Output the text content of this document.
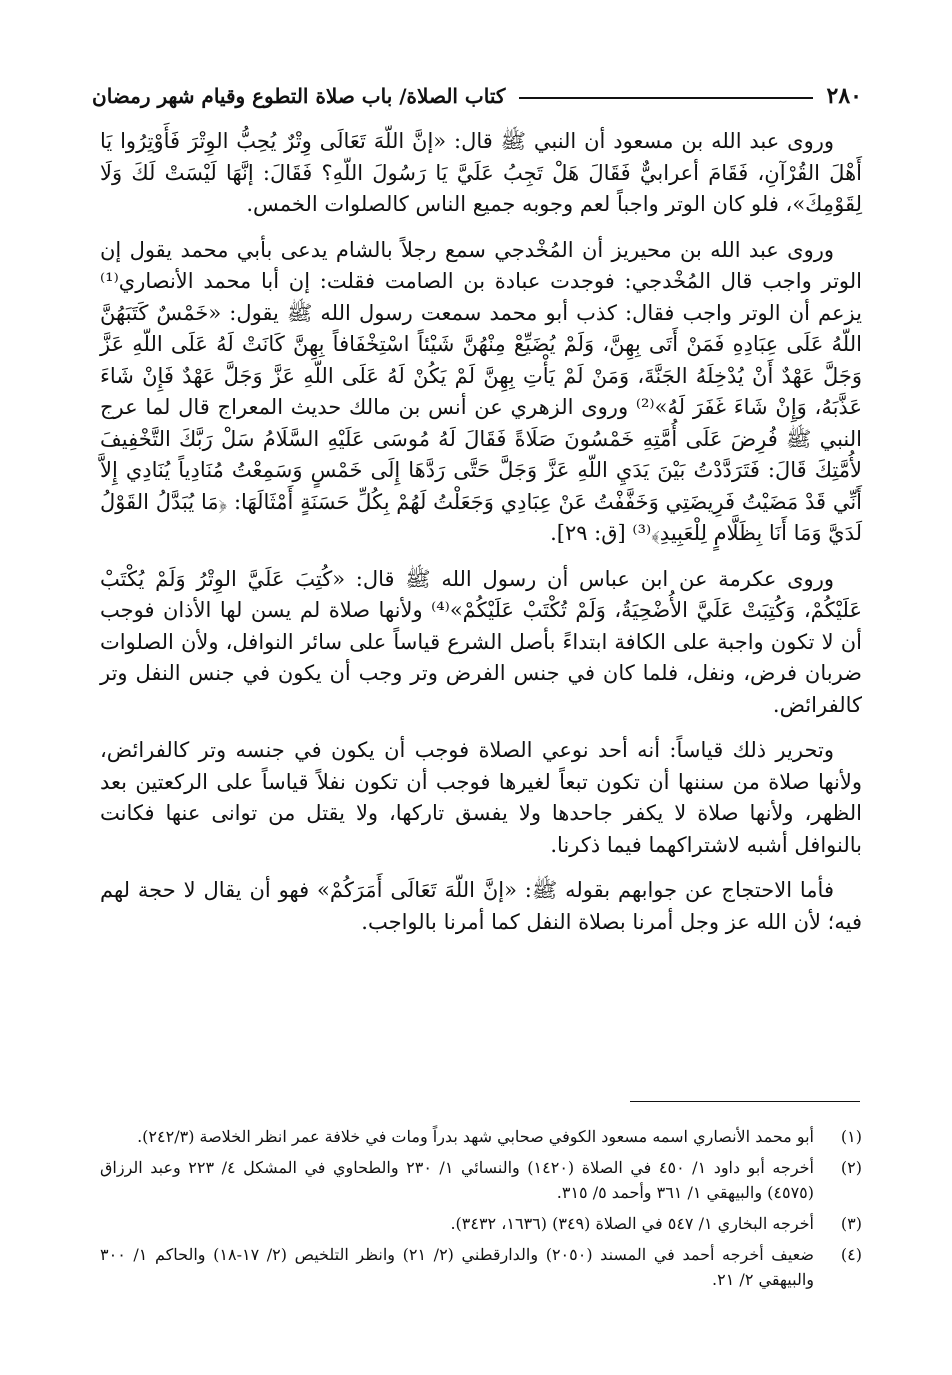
٢٨٠
كتاب الصلاة/ باب صلاة التطوع وقيام شهر رمضان

وروى عبد الله بن مسعود أن النبي ﷺ قال: «إنَّ اللّهَ تَعَالَى وِتْرٌ يُحِبُّ الوِتْرَ فَأَوْتِرُوا يَا أَهْلَ القُرْآنِ، فَقَامَ أعرابيٌّ فَقَالَ هَلْ تَجِبُ عَلَيَّ يَا رَسُولَ اللّهِ؟ فَقَالَ: إنَّهَا لَيْسَتْ لَكَ وَلَا لِقَوْمِكَ»، فلو كان الوتر واجباً لعم وجوبه جميع الناس كالصلوات الخمس.

وروى عبد الله بن محيريز أن المُخْدجي سمع رجلاً بالشام يدعى بأبي محمد يقول إن الوتر واجب قال المُخْدجي: فوجدت عبادة بن الصامت فقلت: إن أبا محمد الأنصاري⁽¹⁾ يزعم أن الوتر واجب فقال: كذب أبو محمد سمعت رسول الله ﷺ يقول: «خَمْسٌ كَتَبَهُنَّ اللّهُ عَلَى عِبَادِهِ فَمَنْ أَتَى بِهِنَّ، وَلَمْ يُضَيِّعْ مِنْهُنَّ شَيْئاً اسْتِخْفَافاً بِهِنَّ كَانَتْ لَهُ عَلَى اللّهِ عَزَّ وَجَلَّ عَهْدٌ أَنْ يُدْخِلَهُ الجَنَّةَ، وَمَنْ لَمْ يَأْتِ بِهِنَّ لَمْ يَكُنْ لَهُ عَلَى اللّهِ عَزَّ وَجَلَّ عَهْدٌ فَإِنْ شَاءَ عَذَّبَهُ، وَإِنْ شَاءَ غَفَرَ لَهُ»⁽²⁾ وروى الزهري عن أنس بن مالك حديث المعراج قال لما عرج النبي ﷺ فُرِضَ عَلَى أُمَّتِهِ خَمْسُونَ صَلَاةً فَقَالَ لَهُ مُوسَى عَلَيْهِ السَّلَامُ سَلْ رَبَّكَ التَّخْفِيفَ لأُمَّتِكَ قَالَ: فَتَرَدَّدْتُ بَيْنَ يَدَيِ اللّهِ عَزَّ وَجَلَّ حَتَّى رَدَّهَا إِلَى خَمْسٍ وَسَمِعْتُ مُنَادِياً يُنَادِي إِلاَّ أَنِّي قَدْ مَضَيْتُ فَرِيضَتِي وَخَفَّفْتُ عَنْ عِبَادِي وَجَعَلْتُ لَهُمْ بِكُلِّ حَسَنَةٍ أَمْثَالَهَا: ﴿مَا يُبَدَّلُ القَوْلُ لَدَيَّ وَمَا أَنَا بِظَلَّامٍ لِلْعَبِيدِ﴾⁽³⁾ [ق: ٢٩].

وروى عكرمة عن ابن عباس أن رسول الله ﷺ قال: «كُتِبَ عَلَيَّ الوِتْرُ وَلَمْ يُكْتَبْ عَلَيْكُمْ، وَكُتِبَتْ عَلَيَّ الأُضْحِيَةُ، وَلَمْ تُكْتَبْ عَلَيْكُمْ»⁽⁴⁾ ولأنها صلاة لم يسن لها الأذان فوجب أن لا تكون واجبة على الكافة ابتداءً بأصل الشرع قياساً على سائر النوافل، ولأن الصلوات ضربان فرض، ونفل، فلما كان في جنس الفرض وتر وجب أن يكون في جنس النفل وتر كالفرائض.

وتحرير ذلك قياساً: أنه أحد نوعي الصلاة فوجب أن يكون في جنسه وتر كالفرائض، ولأنها صلاة من سننها أن تكون تبعاً لغيرها فوجب أن تكون نفلاً قياساً على الركعتين بعد الظهر، ولأنها صلاة لا يكفر جاحدها ولا يفسق تاركها، ولا يقتل من توانى عنها فكانت بالنوافل أشبه لاشتراكهما فيما ذكرنا.

فأما الاحتجاج عن جوابهم بقوله ﷺ: «إنَّ اللّهَ تَعَالَى أَمَرَكُمْ» فهو أن يقال لا حجة لهم فيه؛ لأن الله عز وجل أمرنا بصلاة النفل كما أمرنا بالواجب.

(١)
أبو محمد الأنصاري اسمه مسعود الكوفي صحابي شهد بدراً ومات في خلافة عمر انظر الخلاصة (٢٤٢/٣).
(٢)
أخرجه أبو داود ١/ ٤٥٠ في الصلاة (١٤٢٠) والنسائي ١/ ٢٣٠ والطحاوي في المشكل ٤/ ٢٢٣ وعبد الرزاق (٤٥٧٥) والبيهقي ١/ ٣٦١ وأحمد ٥/ ٣١٥.
(٣)
أخرجه البخاري ١/ ٥٤٧ في الصلاة (٣٤٩) (١٦٣٦، ٣٤٣٢).
(٤)
ضعيف أخرجه أحمد في المسند (٢٠٥٠) والدارقطني (٢/ ٢١) وانظر التلخيص (٢/ ١٧-١٨) والحاكم ١/ ٣٠٠ والبيهقي ٢/ ٢١.
